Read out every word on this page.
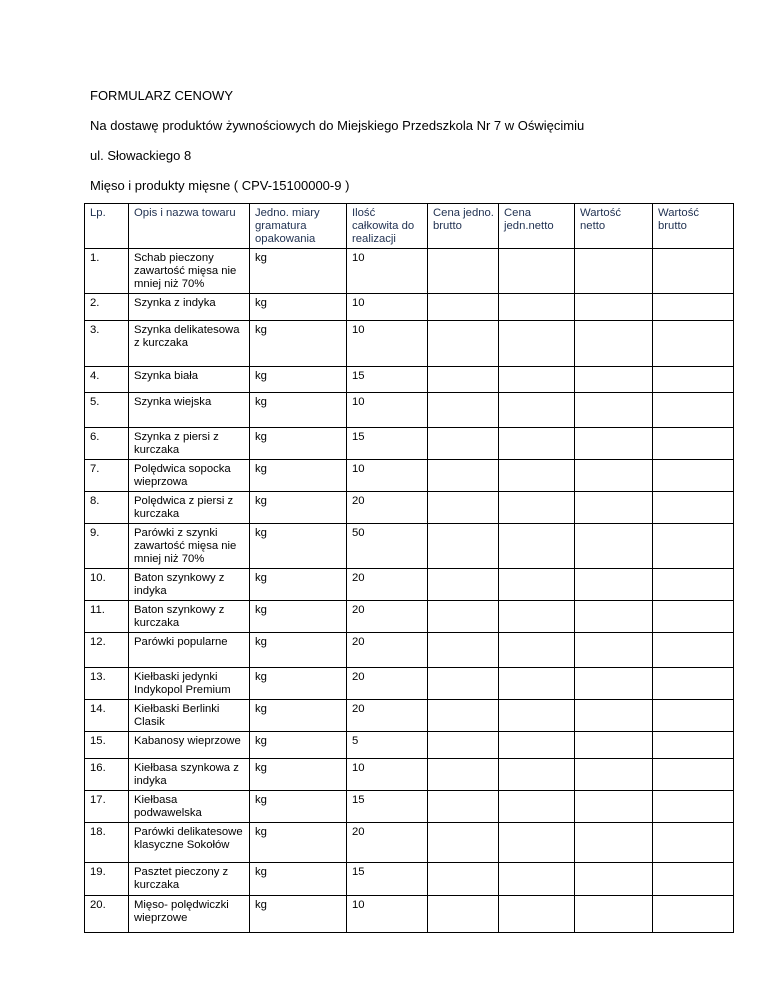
FORMULARZ CENOWY
Na dostawę produktów żywnościowych do Miejskiego Przedszkola Nr 7 w Oświęcimiu
ul. Słowackiego 8
Mięso i produkty mięsne ( CPV-15100000-9 )
Lp.	Opis i nazwa towaru	Jedno. miary gramatura opakowania	Ilość całkowita do realizacji	Cena jedno. brutto	Cena jedn.netto	Wartość netto	Wartość brutto
1.	Schab pieczony zawartość mięsa nie mniej niż 70%	kg	10				
2.	Szynka z indyka	kg	10				
3.	Szynka delikatesowa z kurczaka	kg	10				
4.	Szynka biała	kg	15				
5.	Szynka wiejska	kg	10				
6.	Szynka z piersi z kurczaka	kg	15				
7.	Polędwica sopocka wieprzowa	kg	10				
8.	Polędwica z piersi z kurczaka	kg	20				
9.	Parówki z szynki zawartość mięsa nie mniej niż 70%	kg	50				
10.	Baton szynkowy z indyka	kg	20				
11.	Baton szynkowy z kurczaka	kg	20				
12.	Parówki popularne	kg	20				
13.	Kiełbaski jedynki Indykopol Premium	kg	20				
14.	Kiełbaski Berlinki Clasik	kg	20				
15.	Kabanosy wieprzowe	kg	5				
16.	Kiełbasa szynkowa z indyka	kg	10				
17.	Kiełbasa podwawelska	kg	15				
18.	Parówki delikatesowe klasyczne Sokołów	kg	20				
19.	Pasztet pieczony z kurczaka	kg	15				
20.	Mięso- polędwiczki wieprzowe	kg	10				
